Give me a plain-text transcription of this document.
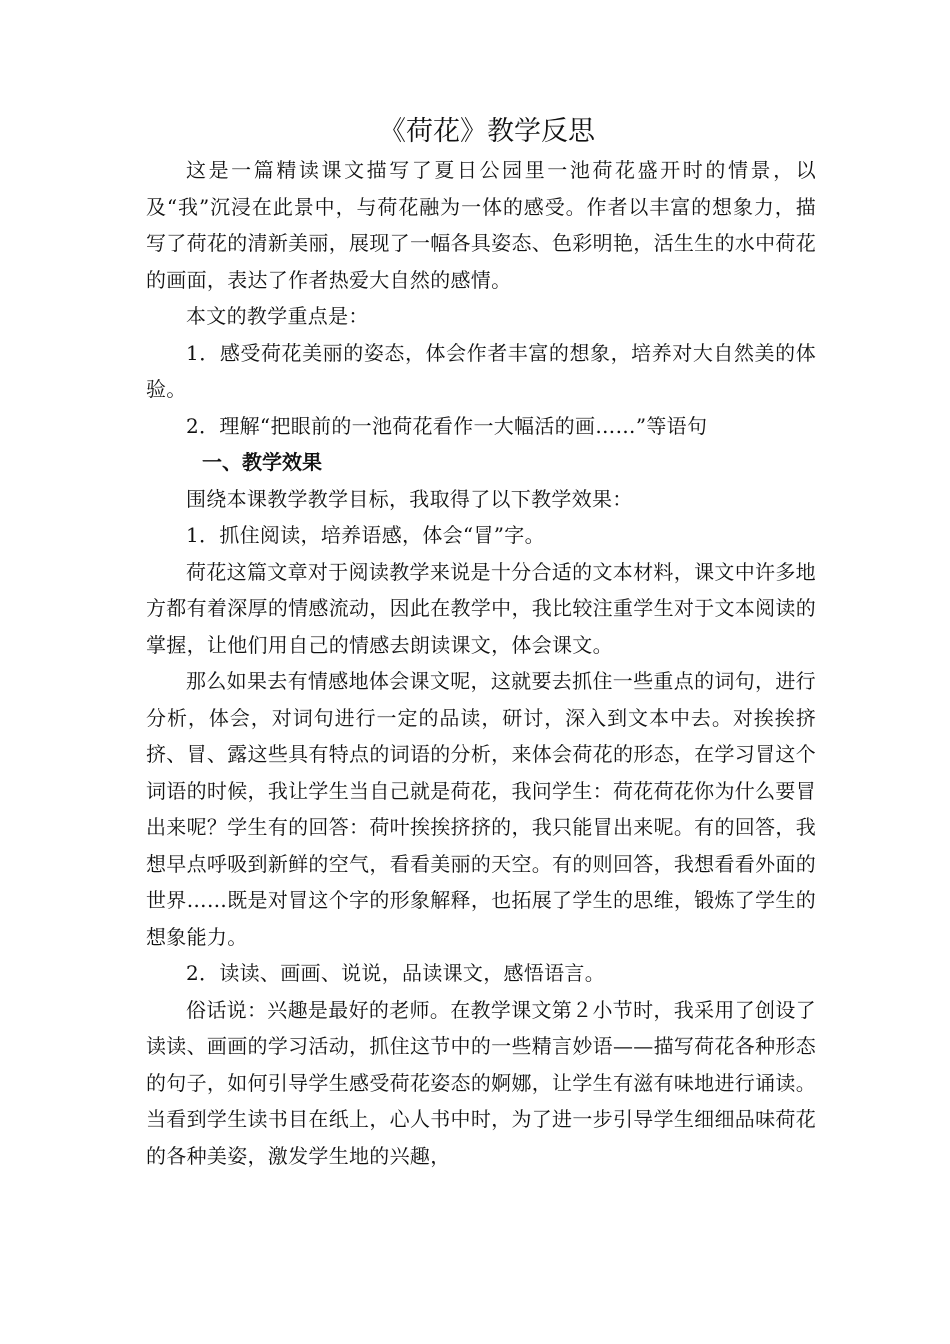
《荷花》教学反思

这是一篇精读课文描写了夏日公园里一池荷花盛开时的情景，以及“我”沉浸在此景中，与荷花融为一体的感受。作者以丰富的想象力，描写了荷花的清新美丽，展现了一幅各具姿态、色彩明艳，活生生的水中荷花的画面，表达了作者热爱大自然的感情。

本文的教学重点是：

1．感受荷花美丽的姿态，体会作者丰富的想象，培养对大自然美的体验。

2．理解“把眼前的一池荷花看作一大幅活的画……”等语句

一、教学效果

围绕本课教学教学目标，我取得了以下教学效果：

1．抓住阅读，培养语感，体会“冒”字。

荷花这篇文章对于阅读教学来说是十分合适的文本材料，课文中许多地方都有着深厚的情感流动，因此在教学中，我比较注重学生对于文本阅读的掌握，让他们用自己的情感去朗读课文，体会课文。

那么如果去有情感地体会课文呢，这就要去抓住一些重点的词句，进行分析，体会，对词句进行一定的品读，研讨，深入到文本中去。对挨挨挤挤、冒、露这些具有特点的词语的分析，来体会荷花的形态，在学习冒这个词语的时候，我让学生当自己就是荷花，我问学生：荷花荷花你为什么要冒出来呢？学生有的回答：荷叶挨挨挤挤的，我只能冒出来呢。有的回答，我想早点呼吸到新鲜的空气，看看美丽的天空。有的则回答，我想看看外面的世界……既是对冒这个字的形象解释，也拓展了学生的思维，锻炼了学生的想象能力。

2．读读、画画、说说，品读课文，感悟语言。

俗话说：兴趣是最好的老师。在教学课文第２小节时，我采用了创设了读读、画画的学习活动，抓住这节中的一些精言妙语——描写荷花各种形态的句子，如何引导学生感受荷花姿态的婀娜，让学生有滋有味地进行诵读。当看到学生读书目在纸上，心人书中时，为了进一步引导学生细细品味荷花的各种美姿，激发学生地的兴趣，
